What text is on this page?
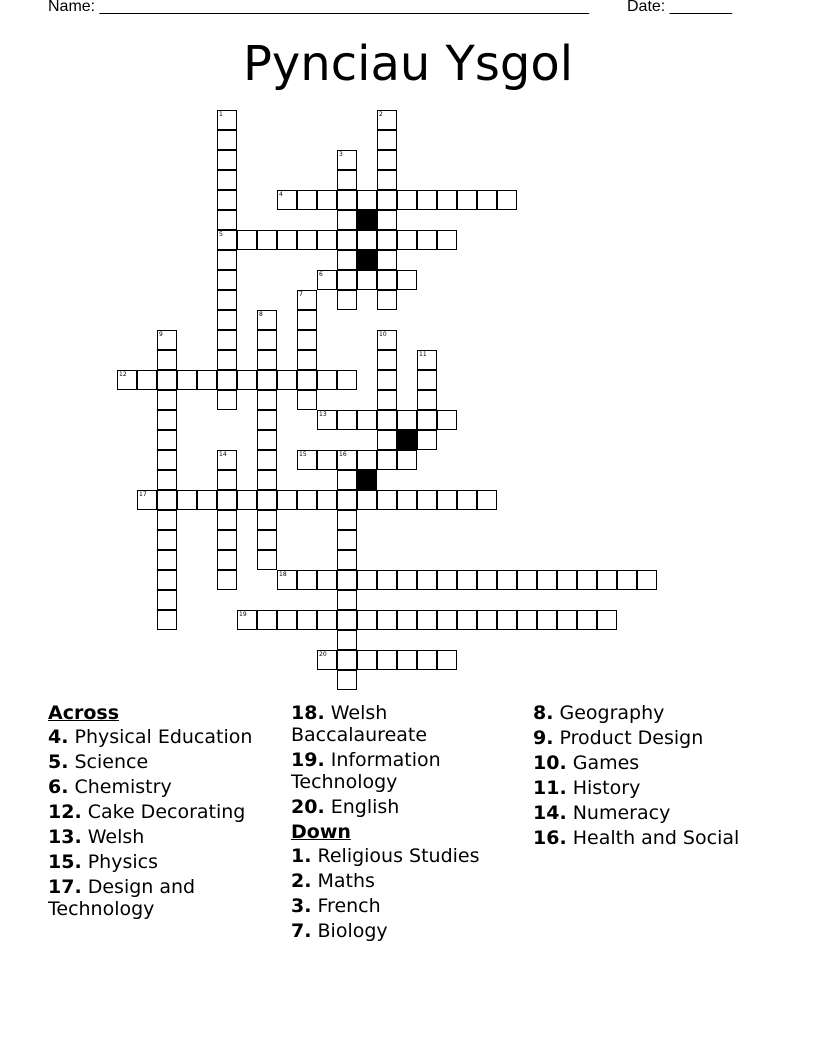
Name: _______________________________________________________ Date: _______
Pynciau Ysgol
1
5
2
3
4
6
7
8
9	10
11
12
13
14	15	16
17
18
19
20
Across
4. Physical Education
5. Science
6. Chemistry
12. Cake Decorating
13. Welsh
15. Physics
17. Design and Technology
18. Welsh Baccalaureate
19. Information Technology
20. English
Down
1. Religious Studies
2. Maths
3. French
7. Biology
8. Geography
9. Product Design
10. Games
11. History
14. Numeracy
16. Health and Social
